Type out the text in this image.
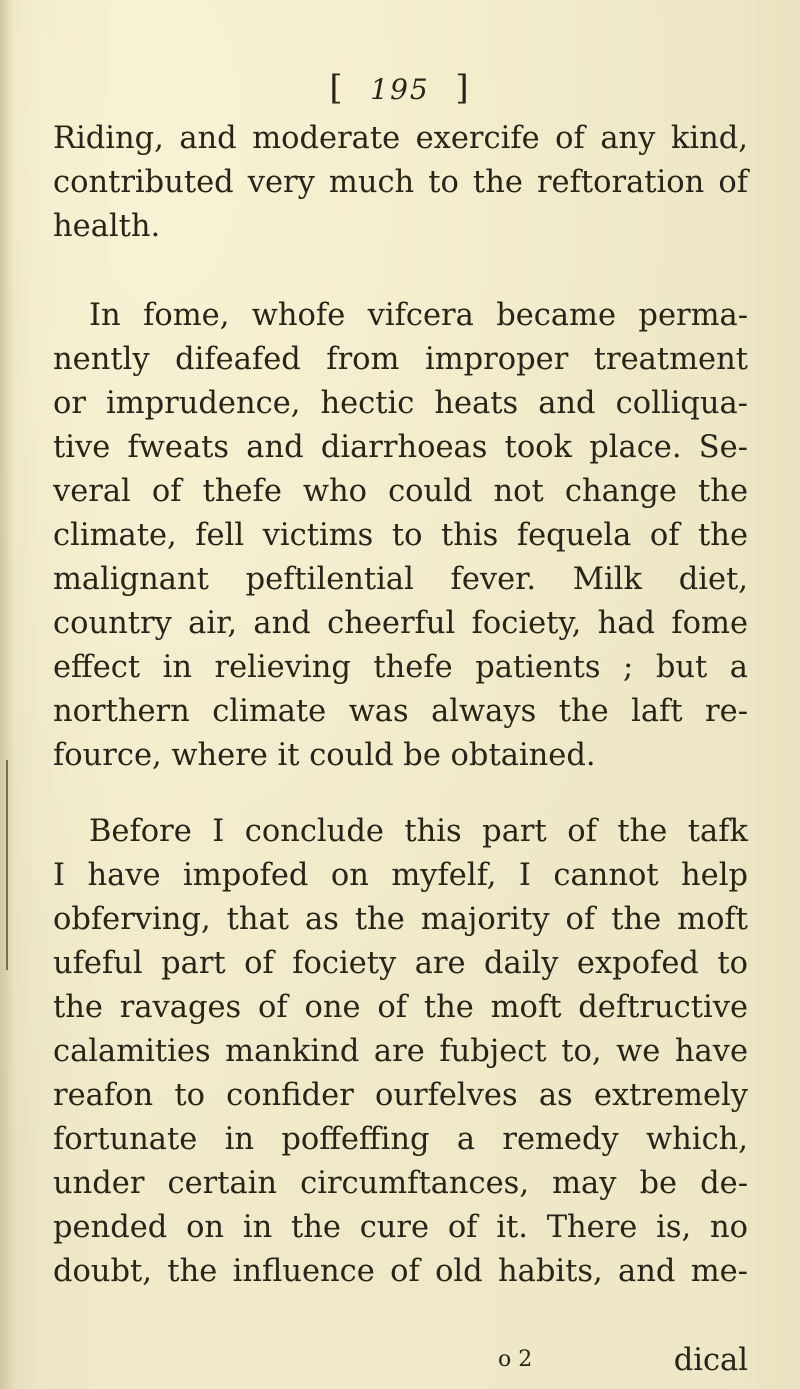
[ 195 ]
Riding, and moderate exercife of any kind,
contributed very much to the reftoration of
health.
In fome, whofe vifcera became perma-
nently difeafed from improper treatment
or imprudence, hectic heats and colliqua-
tive fweats and diarrhoeas took place. Se-
veral of thefe who could not change the
climate, fell victims to this fequela of the
malignant peftilential fever. Milk diet,
country air, and cheerful fociety, had fome
effect in relieving thefe patients ; but a
northern climate was always the laft re-
fource, where it could be obtained.
Before I conclude this part of the tafk
I have impofed on myfelf, I cannot help
obferving, that as the majority of the moft
ufeful part of fociety are daily expofed to
the ravages of one of the moft deftructive
calamities mankind are fubject to, we have
reafon to confider ourfelves as extremely
fortunate in poffeffing a remedy which,
under certain circumftances, may be de-
pended on in the cure of it. There is, no
doubt, the influence of old habits, and me-
o 2	dical
